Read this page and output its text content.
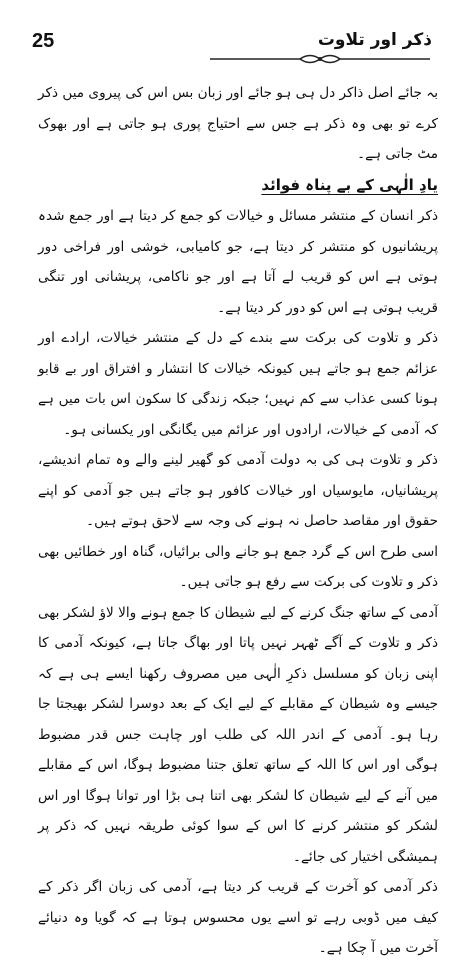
25	ذکر اور تلاوت

بہ جائے اصل ذاکر دل ہی ہو جائے اور زبان بس اس کی پیروی میں ذکر کرے تو بھی وہ ذکر ہے جس سے احتیاج پوری ہو جاتی ہے اور بھوک مٹ جاتی ہے۔

یادِ الٰہی کے بے پناہ فوائد

ذکر انسان کے منتشر مسائل و خیالات کو جمع کر دیتا ہے اور جمع شدہ پریشانیوں کو منتشر کر دیتا ہے، جو کامیابی، خوشی اور فراخی دور ہوتی ہے اس کو قریب لے آتا ہے اور جو ناکامی، پریشانی اور تنگی قریب ہوتی ہے اس کو دور کر دیتا ہے۔

ذکر و تلاوت کی برکت سے بندے کے دل کے منتشر خیالات، ارادے اور عزائم جمع ہو جاتے ہیں کیونکہ خیالات کا انتشار و افتراق اور بے قابو ہونا کسی عذاب سے کم نہیں؛ جبکہ زندگی کا سکون اس بات میں ہے کہ آدمی کے خیالات، ارادوں اور عزائم میں یگانگی اور یکسانی ہو۔

ذکر و تلاوت ہی کی بہ دولت آدمی کو گھیر لینے والے وہ تمام اندیشے، پریشانیاں، مایوسیاں اور خیالات کافور ہو جاتے ہیں جو آدمی کو اپنے حقوق اور مقاصد حاصل نہ ہونے کی وجہ سے لاحق ہوتے ہیں۔

اسی طرح اس کے گرد جمع ہو جانے والی برائیاں، گناہ اور خطائیں بھی ذکر و تلاوت کی برکت سے رفع ہو جاتی ہیں۔

آدمی کے ساتھ جنگ کرنے کے لیے شیطان کا جمع ہونے والا لاؤ لشکر بھی ذکر و تلاوت کے آگے ٹھہر نہیں پاتا اور بھاگ جاتا ہے، کیونکہ آدمی کا اپنی زبان کو مسلسل ذکرِ الٰہی میں مصروف رکھنا ایسے ہی ہے کہ جیسے وہ شیطان کے مقابلے کے لیے ایک کے بعد دوسرا لشکر بھیجتا جا رہا ہو۔ آدمی کے اندر اللہ کی طلب اور چاہت جس قدر مضبوط ہوگی اور اس کا اللہ کے ساتھ تعلق جتنا مضبوط ہوگا، اس کے مقابلے میں آنے کے لیے شیطان کا لشکر بھی اتنا ہی بڑا اور توانا ہوگا اور اس لشکر کو منتشر کرنے کا اس کے سوا کوئی طریقہ نہیں کہ ذکر پر ہمیشگی اختیار کی جائے۔

ذکر آدمی کو آخرت کے قریب کر دیتا ہے، آدمی کی زبان اگر ذکر کے کیف میں ڈوبی رہے تو اسے یوں محسوس ہوتا ہے کہ گویا وہ دنیائے آخرت میں آ چکا ہے۔
